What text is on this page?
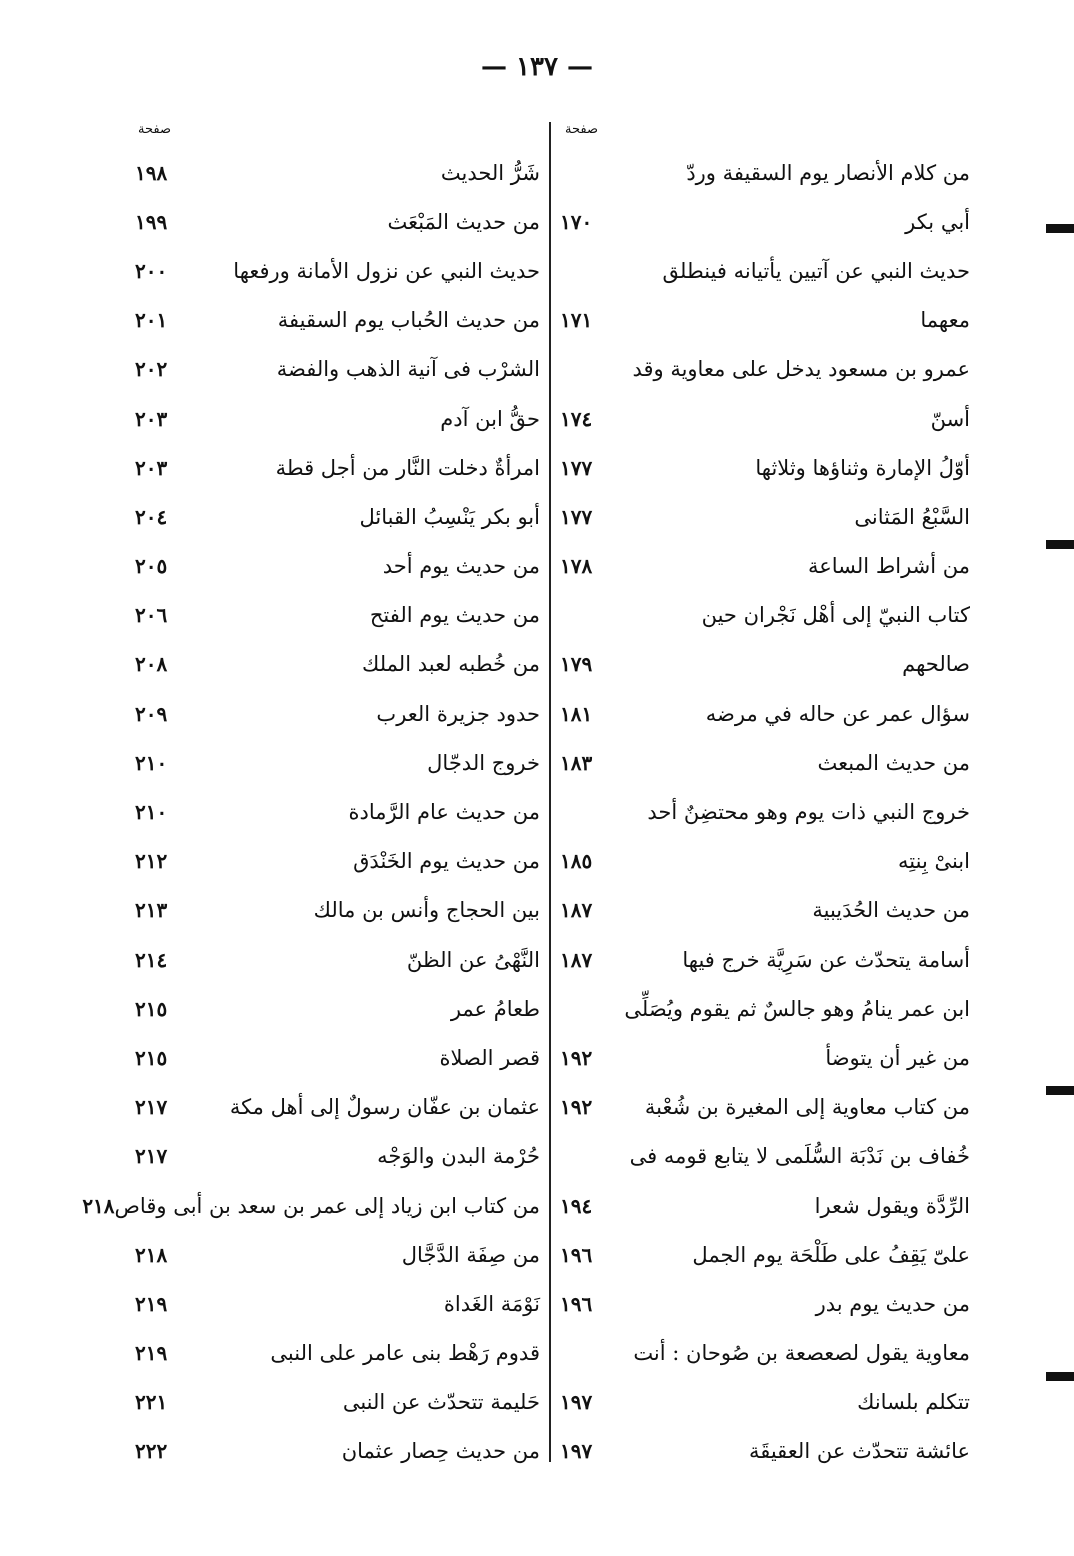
— ١٣٧ —
صفحة
صفحة
من كلام الأنصار يوم السقيفة وردّ
أبي بكر
١٧٠
حديث النبي عن آتيين يأتيانه فينطلق
معهما
١٧١
عمرو بن مسعود يدخل على معاوية وقد
أسنّ
١٧٤
أوّلُ الإمارة وثناؤها وثلاثها
١٧٧
السَّبْعُ المَثانى
١٧٧
من أشراط الساعة
١٧٨
كتاب النبيّ إلى أهْل نَجْران حين
صالحهم
١٧٩
سؤال عمر عن حاله في مرضه
١٨١
من حديث المبعث
١٨٣
خروج النبي ذات يوم وهو محتضِنٌ أحد
ابنىْ بِنتِه
١٨٥
من حديث الحُدَيبية
١٨٧
أسامة يتحدّث عن سَرِيَّة خرج فيها
١٨٧
ابن عمر ينامُ وهو جالسٌ ثم يقوم ويُصَلِّى
من غير أن يتوضأ
١٩٢
من كتاب معاوية إلى المغيرة بن شُعْبة
١٩٢
خُفاف بن نَدْبَة السُّلَمى لا يتابع قومه فى
الرِّدَّة ويقول شعرا
١٩٤
علىّ يَقِفُ على طَلْحَة يوم الجمل
١٩٦
من حديث يوم بدر
١٩٦
معاوية يقول لصعصعة بن صُوحان : أنت
تتكلم بلسانك
١٩٧
عائشة تتحدّث عن العقيقَة
١٩٧
شَرُّ الحديث
١٩٨
من حديث المَبْعَث
١٩٩
حديث النبي عن نزول الأمانة ورفعها
٢٠٠
من حديث الحُباب يوم السقيفة
٢٠١
الشرْب فى آنية الذهب والفضة
٢٠٢
حقُّ ابن آدم
٢٠٣
امرأةٌ دخلت النَّار من أجل قطة
٢٠٣
أبو بكر يَنْسِبُ القبائل
٢٠٤
من حديث يوم أحد
٢٠٥
من حديث يوم الفتح
٢٠٦
من خُطبه لعبد الملك
٢٠٨
حدود جزيرة العرب
٢٠٩
خروج الدجّال
٢١٠
من حديث عام الرَّمادة
٢١٠
من حديث يوم الخَنْدَق
٢١٢
بين الحجاج وأنس بن مالك
٢١٣
النَّهْىُ عن الظنّ
٢١٤
طعامُ عمر
٢١٥
قصر الصلاة
٢١٥
عثمان بن عفّان رسولٌ إلى أهل مكة
٢١٧
حُرْمة البدن والوَجْه
٢١٧
من كتاب ابن زياد إلى عمر بن سعد بن أبى وقاص
٢١٨
من صِفَة الدَّجَّال
٢١٨
نَوْمَة الغَداة
٢١٩
قدوم رَهْط بنى عامر على النبى
٢١٩
حَليمة تتحدّث عن النبى
٢٢١
من حديث حِصار عثمان
٢٢٢
